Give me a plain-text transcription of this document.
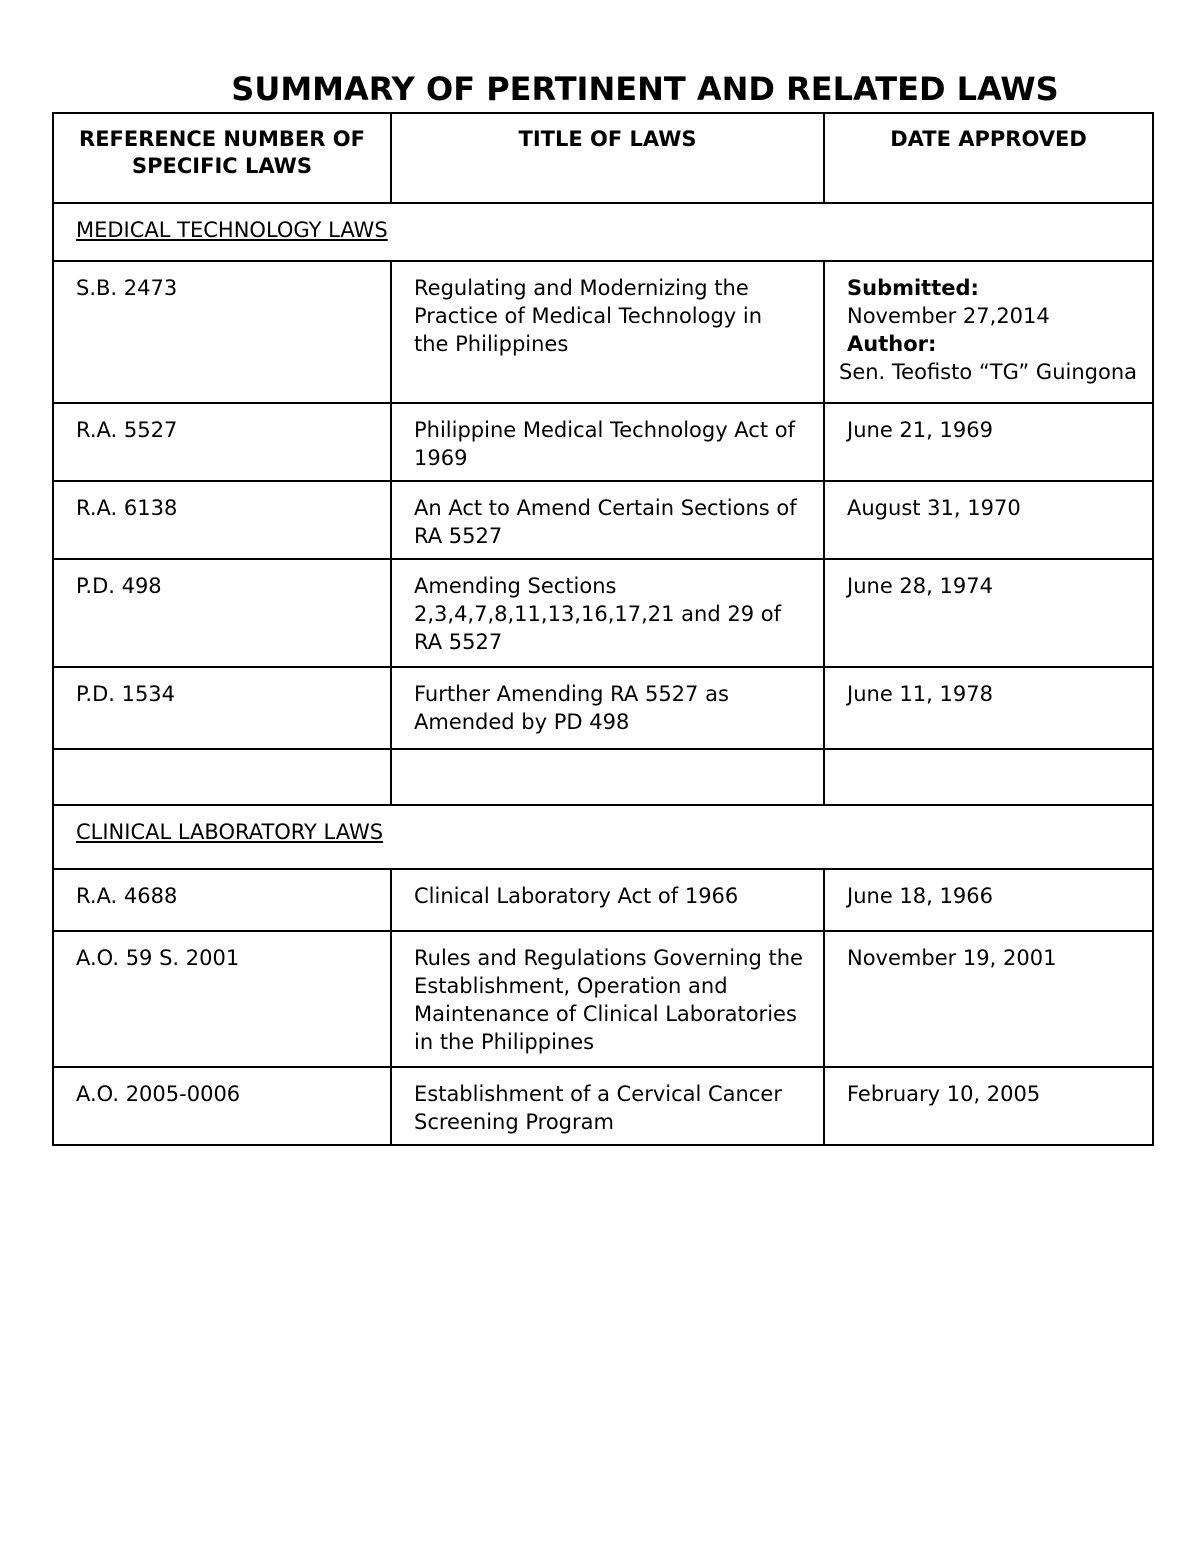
SUMMARY OF PERTINENT AND RELATED LAWS
REFERENCE NUMBER OF SPECIFIC LAWS	TITLE OF LAWS	DATE APPROVED
MEDICAL TECHNOLOGY LAWS		
S.B. 2473	Regulating and Modernizing the Practice of Medical Technology in the Philippines	Submitted:
November 27,2014
Author:
Sen. Teofisto “TG” Guingona

R.A. 5527	Philippine Medical Technology Act of 1969	June 21, 1969
R.A. 6138	An Act to Amend Certain Sections of RA 5527	August 31, 1970
P.D. 498	Amending Sections 2,3,4,7,8,11,13,16,17,21 and 29 of RA 5527	June 28, 1974
P.D. 1534	Further Amending RA 5527 as Amended by PD 498	June 11, 1978

CLINICAL LABORATORY LAWS		
R.A. 4688	Clinical Laboratory Act of 1966	June 18, 1966
A.O. 59 S. 2001	Rules and Regulations Governing the Establishment, Operation and Maintenance of Clinical Laboratories in the Philippines	November 19, 2001
A.O. 2005-0006	Establishment of a Cervical Cancer Screening Program	February 10, 2005
